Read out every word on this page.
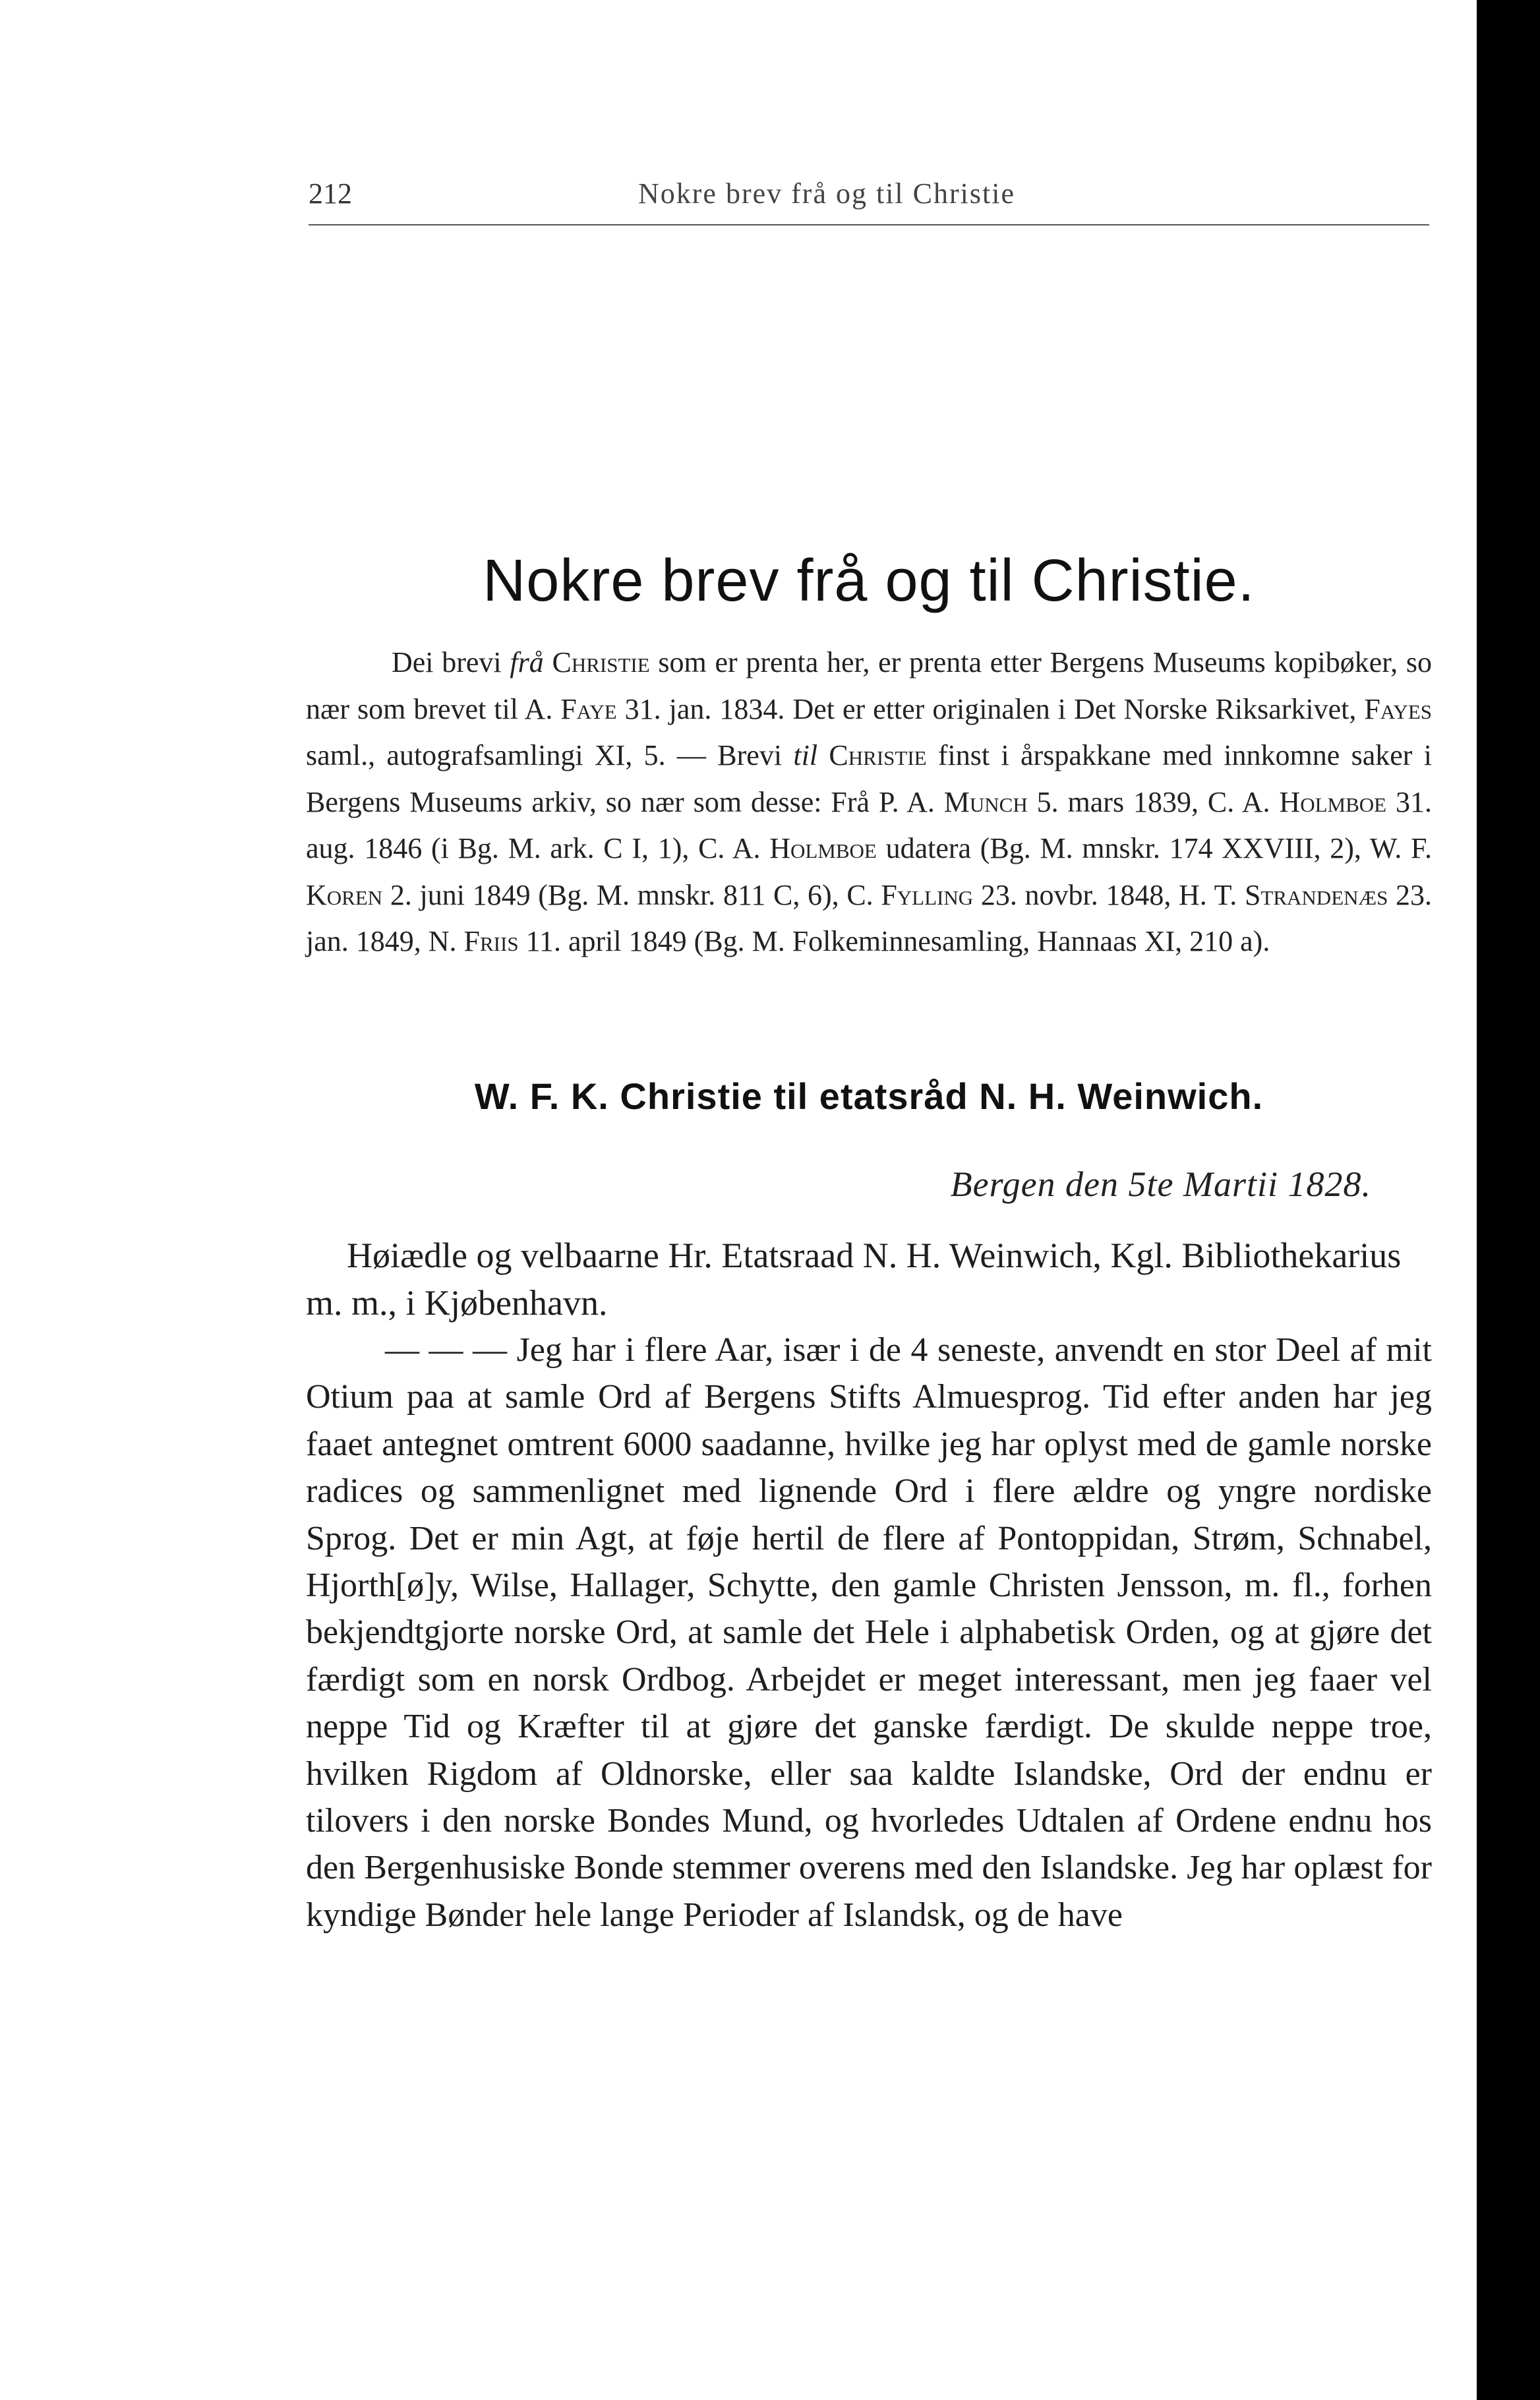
212	Nokre brev frå og til Christie
Nokre brev frå og til Christie.

Dei brevi frå Christie som er prenta her, er prenta etter Bergens Museums kopibøker, so nær som brevet til A. Faye 31. jan. 1834. Det er etter originalen i Det Norske Riksarkivet, Fayes saml., autografsamlingi XI, 5. — Brevi til Christie finst i årspakkane med innkomne saker i Bergens Museums arkiv, so nær som desse: Frå P. A. Munch 5. mars 1839, C. A. Holmboe 31. aug. 1846 (i Bg. M. ark. C I, 1), C. A. Holmboe udatera (Bg. M. mnskr. 174 XXVIII, 2), W. F. Koren 2. juni 1849 (Bg. M. mnskr. 811 C, 6), C. Fylling 23. novbr. 1848, H. T. Strandenæs 23. jan. 1849, N. Friis 11. april 1849 (Bg. M. Folkeminnesamling, Hannaas XI, 210 a).

W. F. K. Christie til etatsråd N. H. Weinwich.
Bergen den 5te Martii 1828.

Høiædle og velbaarne Hr. Etatsraad N. H. Weinwich, Kgl. Bibliothekarius m. m., i Kjøbenhavn.

— — — Jeg har i flere Aar, især i de 4 seneste, anvendt en stor Deel af mit Otium paa at samle Ord af Bergens Stifts Almuesprog. Tid efter anden har jeg faaet antegnet omtrent 6000 saadanne, hvilke jeg har oplyst med de gamle norske radices og sammenlignet med lignende Ord i flere ældre og yngre nordiske Sprog. Det er min Agt, at føje hertil de flere af Pontoppidan, Strøm, Schnabel, Hjorth[ø]y, Wilse, Hallager, Schytte, den gamle Christen Jensson, m. fl., forhen bekjendtgjorte norske Ord, at samle det Hele i alphabetisk Orden, og at gjøre det færdigt som en norsk Ordbog. Arbejdet er meget interessant, men jeg faaer vel neppe Tid og Kræfter til at gjøre det ganske færdigt. De skulde neppe troe, hvilken Rigdom af Oldnorske, eller saa kaldte Islandske, Ord der endnu er tilovers i den norske Bondes Mund, og hvorledes Udtalen af Ordene endnu hos den Bergenhusiske Bonde stemmer overens med den Islandske. Jeg har oplæst for kyndige Bønder hele lange Perioder af Islandsk, og de have
